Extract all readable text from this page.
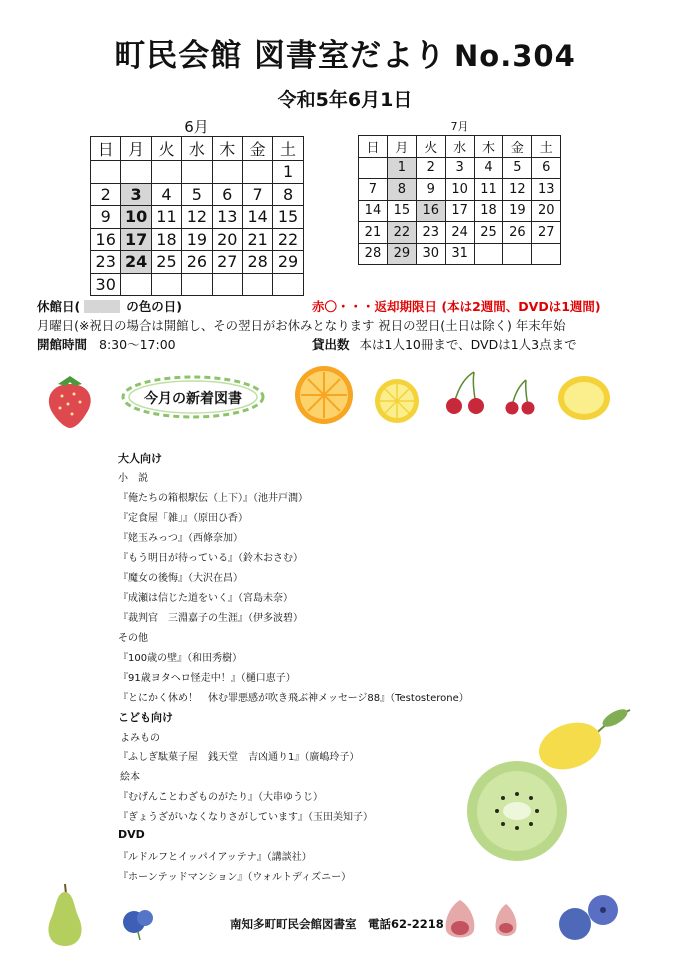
町民会館 図書室だより No.304
令和5年6月1日
6月
日	月	火	水	木	金	土
						1
2	3	4	5	6	7	8
9	10	11	12	13	14	15
16	17	18	19	20	21	22
23	24	25	26	27	28	29
30						
7月
日	月	火	水	木	金	土
	1	2	3	4	5	6
7	8	9	10	11	12	13
14	15	16	17	18	19	20
21	22	23	24	25	26	27
28	29	30	31			
休館日(	の色の日)	赤〇・・・返却期限日 (本は2週間、DVDは1週間)
月曜日(※祝日の場合は開館し、その翌日がお休みとなります 祝日の翌日(土日は除く) 年末年始
開館時間 8:30～17:00	貸出数 本は1人10冊まで、DVDは1人3点まで
今月の新着図書
大人向け
小　説
『俺たちの箱根駅伝（上下）』（池井戸潤）
『定食屋「雑」』（原田ひ香）
『姥玉みっつ』（西條奈加）
『もう明日が待っている』（鈴木おさむ）
『魔女の後悔』（大沢在昌）
『成瀬は信じた道をいく』（宮島未奈）
『裁判官　三淵嘉子の生涯』（伊多波碧）
その他
『100歳の壁』（和田秀樹）
『91歳ヨタヘロ怪走中！』（樋口恵子）
『とにかく休め！　休む罪悪感が吹き飛ぶ神メッセージ88』（Testosterone）
こども向け
よみもの
『ふしぎ駄菓子屋　銭天堂　吉凶通り1』（廣嶋玲子）
絵本
『むげんことわざものがたり』（大串ゆうじ）
『ぎょうざがいなくなりさがしています』（玉田美知子）
DVD
『ルドルフとイッパイアッテナ』（講談社）
『ホーンテッドマンション』（ウォルトディズニー）
南知多町町民会館図書室　電話62-2218
